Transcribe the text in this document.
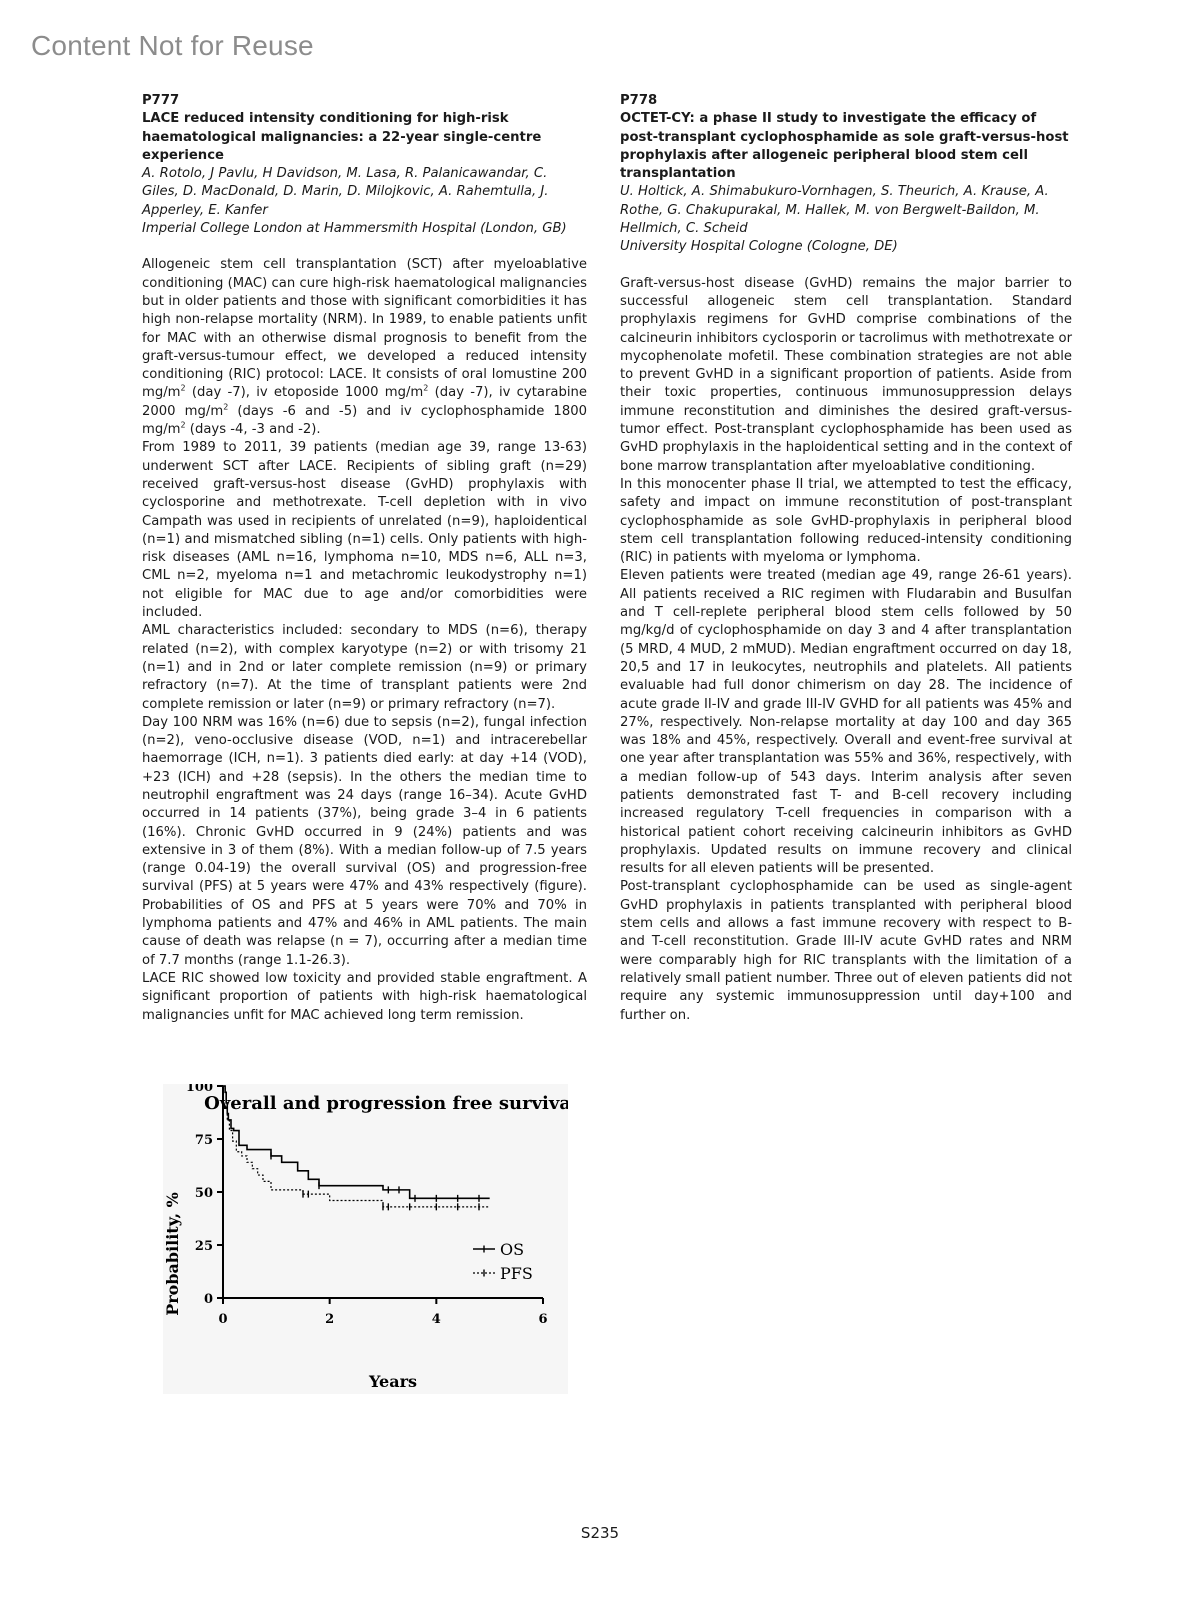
Content Not for Reuse
P777
LACE reduced intensity conditioning for high-risk haematological malignancies: a 22-year single-centre experience
A. Rotolo, J Pavlu, H Davidson, M. Lasa, R. Palanicawandar, C. Giles, D. MacDonald, D. Marin, D. Milojkovic, A. Rahemtulla, J. Apperley, E. Kanfer
Imperial College London at Hammersmith Hospital (London, GB)

Allogeneic stem cell transplantation (SCT) after myeloablative conditioning (MAC) can cure high-risk haematological malignancies but in older patients and those with significant comorbidities it has high non-relapse mortality (NRM). In 1989, to enable patients unfit for MAC with an otherwise dismal prognosis to benefit from the graft-versus-tumour effect, we developed a reduced intensity conditioning (RIC) protocol: LACE. It consists of oral lomustine 200 $mg/m^2$ (day -7), iv etoposide 1000 $mg/m^2$ (day -7), iv cytarabine 2000 $mg/m^2$ (days -6 and -5) and iv cyclophosphamide 1800 $mg/m^2$ (days -4, -3 and -2).

From 1989 to 2011, 39 patients (median age 39, range 13-63) underwent SCT after LACE. Recipients of sibling graft (n=29) received graft-versus-host disease (GvHD) prophylaxis with cyclosporine and methotrexate. T-cell depletion with in vivo Campath was used in recipients of unrelated (n=9), haploidentical (n=1) and mismatched sibling (n=1) cells. Only patients with high-risk diseases (AML n=16, lymphoma n=10, MDS n=6, ALL n=3, CML n=2, myeloma n=1 and metachromic leukodystrophy n=1) not eligible for MAC due to age and/or comorbidities were included.

AML characteristics included: secondary to MDS (n=6), therapy related (n=2), with complex karyotype (n=2) or with trisomy 21 (n=1) and in 2nd or later complete remission (n=9) or primary refractory (n=7). At the time of transplant patients were 2nd complete remission or later (n=9) or primary refractory (n=7).

Day 100 NRM was 16% (n=6) due to sepsis (n=2), fungal infection (n=2), veno-occlusive disease (VOD, n=1) and intracerebellar haemorrage (ICH, n=1). 3 patients died early: at day +14 (VOD), +23 (ICH) and +28 (sepsis). In the others the median time to neutrophil engraftment was 24 days (range 16–34). Acute GvHD occurred in 14 patients (37%), being grade 3–4 in 6 patients (16%). Chronic GvHD occurred in 9 (24%) patients and was extensive in 3 of them (8%). With a median follow-up of 7.5 years (range 0.04-19) the overall survival (OS) and progression-free survival (PFS) at 5 years were 47% and 43% respectively (figure). Probabilities of OS and PFS at 5 years were 70% and 70% in lymphoma patients and 47% and 46% in AML patients. The main cause of death was relapse (n = 7), occurring after a median time of 7.7 months (range 1.1-26.3).

LACE RIC showed low toxicity and provided stable engraftment. A significant proportion of patients with high-risk haematological malignancies unfit for MAC achieved long term remission.

P778
OCTET-CY: a phase II study to investigate the efficacy of post-transplant cyclophosphamide as sole graft-versus-host prophylaxis after allogeneic peripheral blood stem cell transplantation
U. Holtick, A. Shimabukuro-Vornhagen, S. Theurich, A. Krause, A. Rothe, G. Chakupurakal, M. Hallek, M. von Bergwelt-Baildon, M. Hellmich, C. Scheid
University Hospital Cologne (Cologne, DE)

Graft-versus-host disease (GvHD) remains the major barrier to successful allogeneic stem cell transplantation. Standard prophylaxis regimens for GvHD comprise combinations of the calcineurin inhibitors cyclosporin or tacrolimus with methotrexate or mycophenolate mofetil. These combination strategies are not able to prevent GvHD in a significant proportion of patients. Aside from their toxic properties, continuous immunosuppression delays immune reconstitution and diminishes the desired graft-versus-tumor effect. Post-transplant cyclophosphamide has been used as GvHD prophylaxis in the haploidentical setting and in the context of bone marrow transplantation after myeloablative conditioning.

In this monocenter phase II trial, we attempted to test the efficacy, safety and impact on immune reconstitution of post-transplant cyclophosphamide as sole GvHD-prophylaxis in peripheral blood stem cell transplantation following reduced-intensity conditioning (RIC) in patients with myeloma or lymphoma.

Eleven patients were treated (median age 49, range 26-61 years). All patients received a RIC regimen with Fludarabin and Busulfan and T cell-replete peripheral blood stem cells followed by 50 mg/kg/d of cyclophosphamide on day 3 and 4 after transplantation (5 MRD, 4 MUD, 2 mMUD). Median engraftment occurred on day 18, 20,5 and 17 in leukocytes, neutrophils and platelets. All patients evaluable had full donor chimerism on day 28. The incidence of acute grade II-IV and grade III-IV GVHD for all patients was 45% and 27%, respectively. Non-relapse mortality at day 100 and day 365 was 18% and 45%, respectively. Overall and event-free survival at one year after transplantation was 55% and 36%, respectively, with a median follow-up of 543 days. Interim analysis after seven patients demonstrated fast T- and B-cell recovery including increased regulatory T-cell frequencies in comparison with a historical patient cohort receiving calcineurin inhibitors as GvHD prophylaxis. Updated results on immune recovery and clinical results for all eleven patients will be presented.

Post-transplant cyclophosphamide can be used as single-agent GvHD prophylaxis in patients transplanted with peripheral blood stem cells and allows a fast immune recovery with respect to B- and T-cell reconstitution. Grade III-IV acute GvHD rates and NRM were comparably high for RIC transplants with the limitation of a relatively small patient number. Three out of eleven patients did not require any systemic immunosuppression until day+100 and further on.

Overall and progression free survival
Probability, %
Years
0
25
50
75
100
0	2	4	6
OS
PFS
S235
